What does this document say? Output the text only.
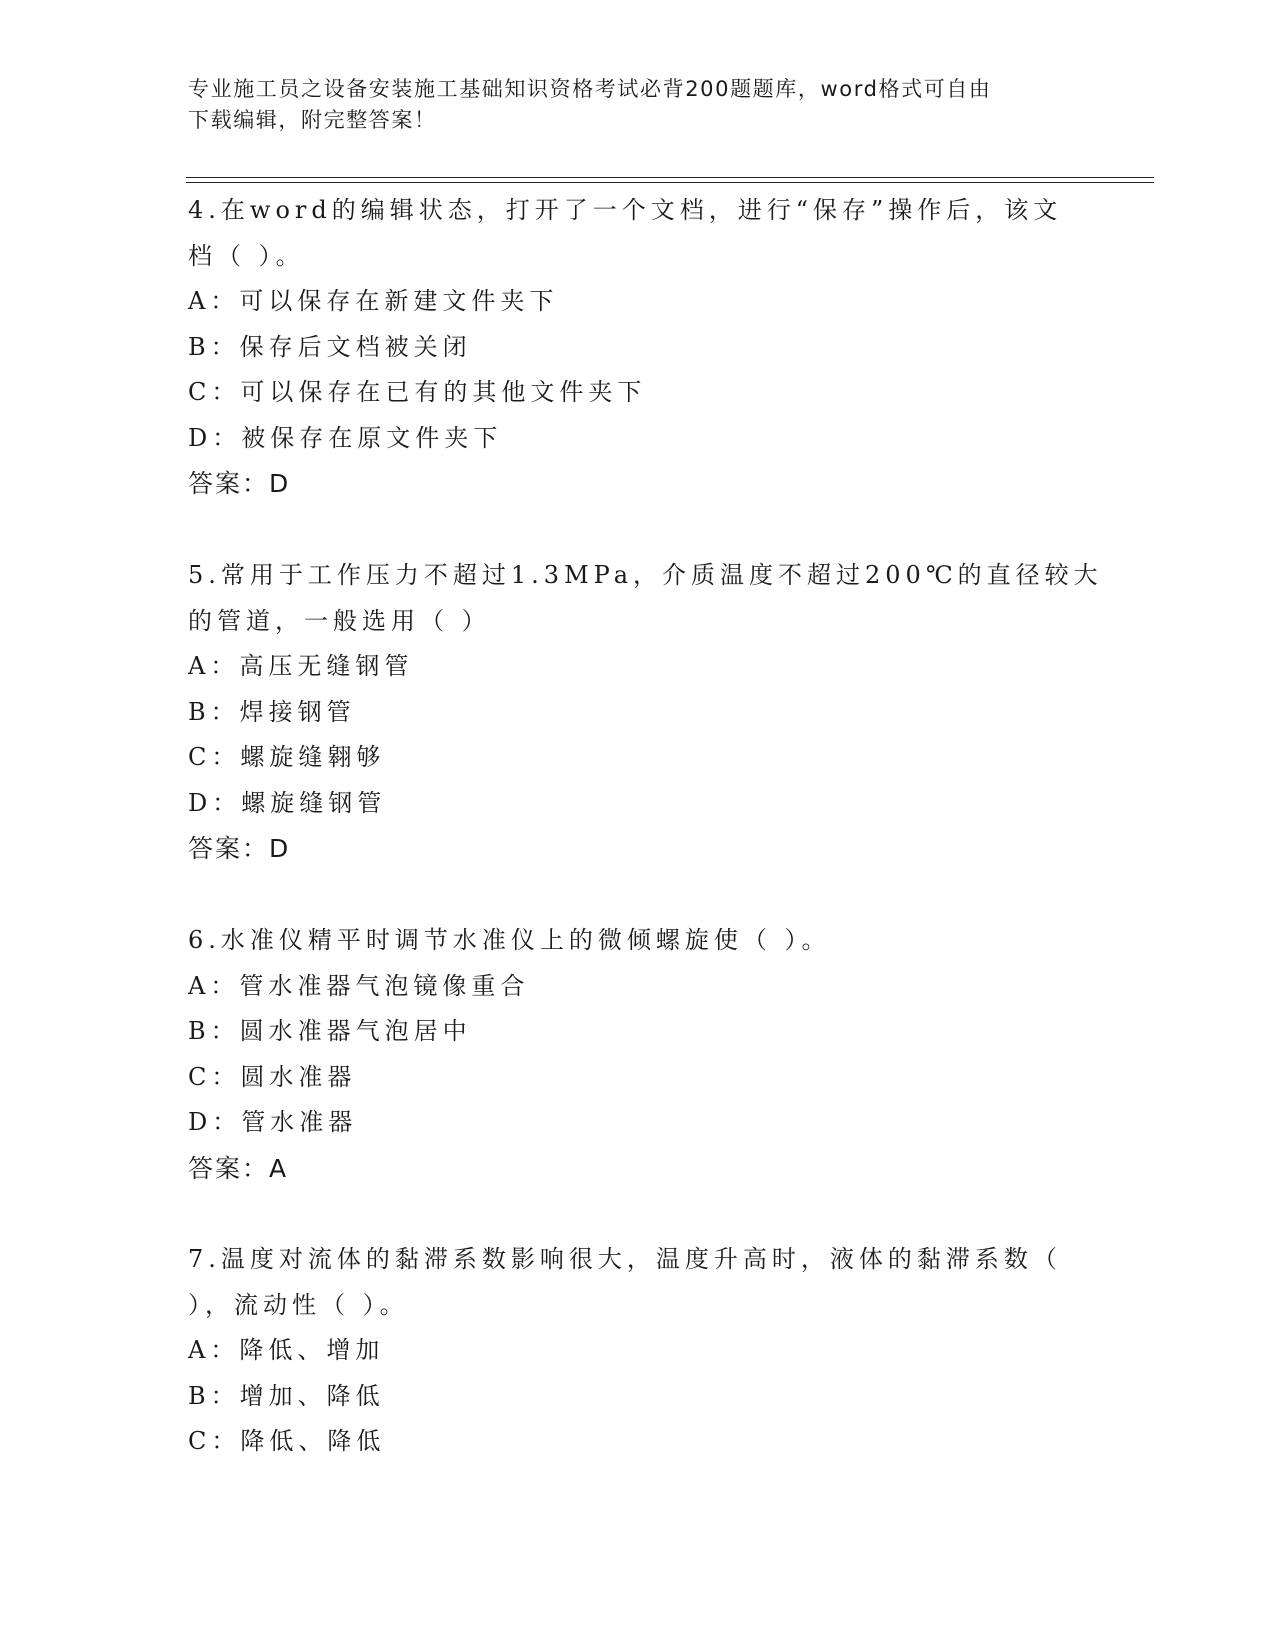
专业施工员之设备安装施工基础知识资格考试必背200题题库，word格式可自由
下载编辑，附完整答案！
4.在word的编辑状态，打开了一个文档，进行“保存”操作后，该文
档（ ）。
A：可以保存在新建文件夹下
B：保存后文档被关闭
C：可以保存在已有的其他文件夹下
D：被保存在原文件夹下
答案：D
5.常用于工作压力不超过1.3MPa，介质温度不超过200℃的直径较大
的管道，一般选用（ ）
A：高压无缝钢管
B：焊接钢管
C：螺旋缝翱够
D：螺旋缝钢管
答案：D
6.水准仪精平时调节水准仪上的微倾螺旋使（ ）。
A：管水准器气泡镜像重合
B：圆水准器气泡居中
C：圆水准器
D：管水准器
答案：A
7.温度对流体的黏滞系数影响很大，温度升高时，液体的黏滞系数（
），流动性（ ）。
A：降低、增加
B：增加、降低
C：降低、降低
